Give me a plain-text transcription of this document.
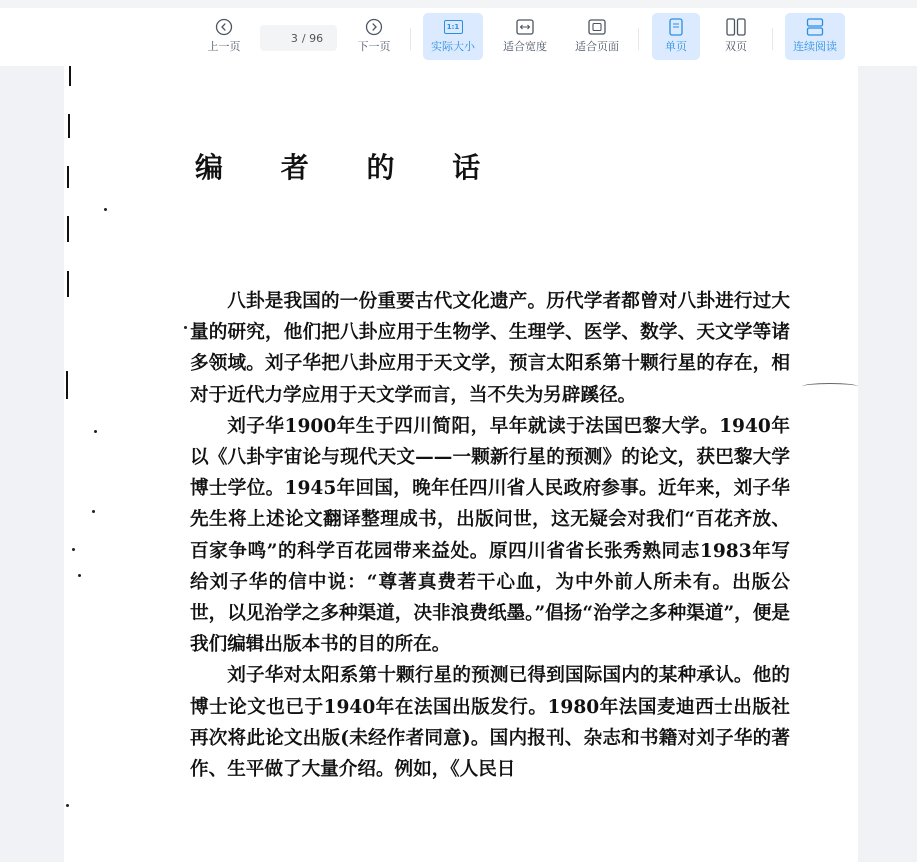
上一页
3 / 96
下一页
1:1
实际大小	适合宽度	适合页面	单页	双页	连续阅读
编 者 的 话

八卦是我国的一份重要古代文化遗产。历代学者都曾对八卦进行过大量的研究，他们把八卦应用于生物学、生理学、医学、数学、天文学等诸多领域。刘子华把八卦应用于天文学，预言太阳系第十颗行星的存在，相对于近代力学应用于天文学而言，当不失为另辟蹊径。

刘子华1900年生于四川简阳，早年就读于法国巴黎大学。1940年以《八卦宇宙论与现代天文——一颗新行星的预测》的论文，获巴黎大学博士学位。1945年回国，晚年任四川省人民政府参事。近年来，刘子华先生将上述论文翻译整理成书，出版问世，这无疑会对我们“百花齐放、百家争鸣”的科学百花园带来益处。原四川省省长张秀熟同志1983年写给刘子华的信中说：“尊著真费若干心血，为中外前人所未有。出版公世，以见治学之多种渠道，决非浪费纸墨。”倡扬“治学之多种渠道”，便是我们编辑出版本书的目的所在。

刘子华对太阳系第十颗行星的预测已得到国际国内的某种承认。他的博士论文也已于1940年在法国出版发行。1980年法国麦迪西士出版社再次将此论文出版(未经作者同意)。国内报刊、杂志和书籍对刘子华的著作、生平做了大量介绍。例如，《人民日
